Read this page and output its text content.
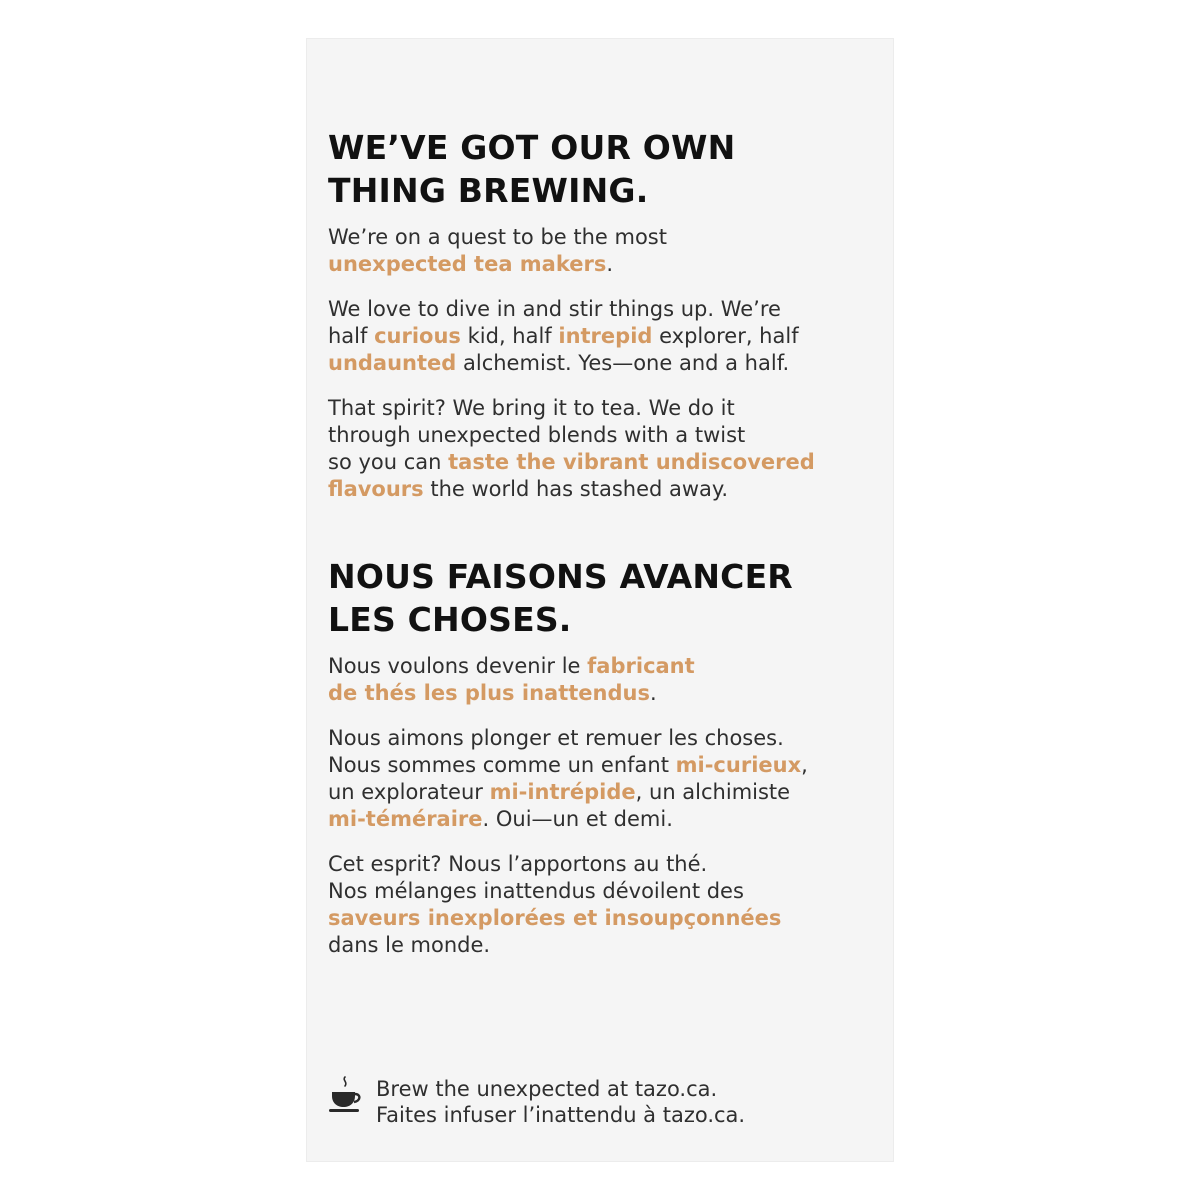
WE’VE GOT OUR OWN
THING BREWING.

We’re on a quest to be the most
unexpected tea makers.

We love to dive in and stir things up. We’re
half curious kid, half intrepid explorer, half
undaunted alchemist. Yes—one and a half.

That spirit? We bring it to tea. We do it
through unexpected blends with a twist
so you can taste the vibrant undiscovered
flavours the world has stashed away.

NOUS FAISONS AVANCER
LES CHOSES.

Nous voulons devenir le fabricant
de thés les plus inattendus.

Nous aimons plonger et remuer les choses.
Nous sommes comme un enfant mi-curieux,
un explorateur mi-intrépide, un alchimiste
mi-téméraire. Oui—un et demi.

Cet esprit? Nous l’apportons au thé.
Nos mélanges inattendus dévoilent des
saveurs inexplorées et insoupçonnées
dans le monde.

Brew the unexpected at tazo.ca.
Faites infuser l’inattendu à tazo.ca.
